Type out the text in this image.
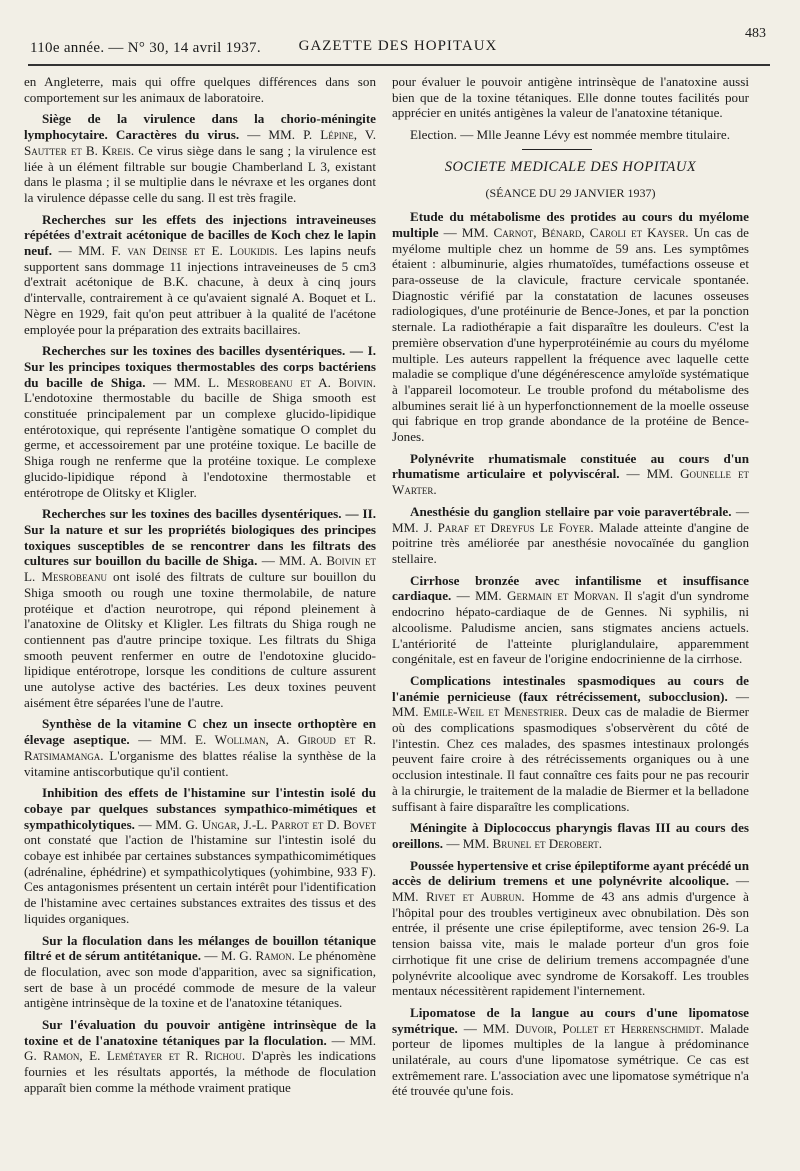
110e année. — N° 30, 14 avril 1937.	GAZETTE DES HOPITAUX
483

en Angleterre, mais qui offre quelques différences dans son comportement sur les animaux de laboratoire.

Siège de la virulence dans la chorio-méningite lymphocytaire. Caractères du virus. — MM. P. Lépine, V. Sautter et B. Kreis. Ce virus siège dans le sang ; la virulence est liée à un élément filtrable sur bougie Chamberland L 3, existant dans le plasma ; il se multiplie dans le névraxe et les organes dont la virulence dépasse celle du sang. Il est très fragile.

Recherches sur les effets des injections intraveineuses répétées d'extrait acétonique de bacilles de Koch chez le lapin neuf. — MM. F. van Deinse et E. Loukidis. Les lapins neufs supportent sans dommage 11 injections intraveineuses de 5 cm3 d'extrait acétonique de B.K. chacune, à deux à cinq jours d'intervalle, contrairement à ce qu'avaient signalé A. Boquet et L. Nègre en 1929, fait qu'on peut attribuer à la qualité de l'acétone employée pour la préparation des extraits bacillaires.

Recherches sur les toxines des bacilles dysentériques. — I. Sur les principes toxiques thermostables des corps bactériens du bacille de Shiga. — MM. L. Mesrobeanu et A. Boivin. L'endotoxine thermostable du bacille de Shiga smooth est constituée principalement par un complexe glucido-lipidique entérotoxique, qui représente l'antigène somatique O complet du germe, et accessoirement par une protéine toxique. Le bacille de Shiga rough ne renferme que la protéine toxique. Le complexe glucido-lipidique répond à l'endotoxine thermostable et entérotrope de Olitsky et Kligler.

Recherches sur les toxines des bacilles dysentériques. — II. Sur la nature et sur les propriétés biologiques des principes toxiques susceptibles de se rencontrer dans les filtrats des cultures sur bouillon du bacille de Shiga. — MM. A. Boivin et L. Mesrobeanu ont isolé des filtrats de culture sur bouillon du Shiga smooth ou rough une toxine thermolabile, de nature protéique et d'action neurotrope, qui répond pleinement à l'anatoxine de Olitsky et Kligler. Les filtrats du Shiga rough ne contiennent pas d'autre principe toxique. Les filtrats du Shiga smooth peuvent renfermer en outre de l'endotoxine glucido-lipidique entérotrope, lorsque les conditions de culture assurent une autolyse active des bactéries. Les deux toxines peuvent aisément être séparées l'une de l'autre.

Synthèse de la vitamine C chez un insecte orthoptère en élevage aseptique. — MM. E. Wollman, A. Giroud et R. Ratsimamanga. L'organisme des blattes réalise la synthèse de la vitamine antiscorbutique qu'il contient.

Inhibition des effets de l'histamine sur l'intestin isolé du cobaye par quelques substances sympathico-mimétiques et sympathicolytiques. — MM. G. Ungar, J.-L. Parrot et D. Bovet ont constaté que l'action de l'histamine sur l'intestin isolé du cobaye est inhibée par certaines substances sympathicomimétiques (adrénaline, éphédrine) et sympathicolytiques (yohimbine, 933 F). Ces antagonismes présentent un certain intérêt pour l'identification de l'histamine avec certaines substances extraites des tissus et des liquides organiques.

Sur la floculation dans les mélanges de bouillon tétanique filtré et de sérum antitétanique. — M. G. Ramon. Le phénomène de floculation, avec son mode d'apparition, avec sa signification, sert de base à un procédé commode de mesure de la valeur antigène intrinsèque de la toxine et de l'anatoxine tétaniques.

Sur l'évaluation du pouvoir antigène intrinsèque de la toxine et de l'anatoxine tétaniques par la floculation. — MM. G. Ramon, E. Lemétayer et R. Richou. D'après les indications fournies et les résultats apportés, la méthode de floculation apparaît bien comme la méthode vraiment pratique

pour évaluer le pouvoir antigène intrinsèque de l'anatoxine aussi bien que de la toxine tétaniques. Elle donne toutes facilités pour apprécier en unités antigènes la valeur de l'anatoxine tétanique.

Election. — Mlle Jeanne Lévy est nommée membre titulaire.

SOCIETE MEDICALE DES HOPITAUX
(SÉANCE DU 29 JANVIER 1937)

Etude du métabolisme des protides au cours du myélome multiple — MM. Carnot, Bénard, Caroli et Kayser. Un cas de myélome multiple chez un homme de 59 ans. Les symptômes étaient : albuminurie, algies rhumatoïdes, tuméfactions osseuse et para-osseuse de la clavicule, fracture cervicale spontanée. Diagnostic vérifié par la constatation de lacunes osseuses radiologiques, d'une protéinurie de Bence-Jones, et par la ponction sternale. La radiothérapie a fait disparaître les douleurs. C'est la première observation d'une hyperprotéinémie au cours du myélome multiple. Les auteurs rappellent la fréquence avec laquelle cette maladie se complique d'une dégénérescence amyloïde systématique à l'appareil locomoteur. Le trouble profond du métabolisme des albumines serait lié à un hyperfonctionnement de la moelle osseuse qui fabrique en trop grande abondance de la protéine de Bence-Jones.

Polynévrite rhumatismale constituée au cours d'un rhumatisme articulaire et polyviscéral. — MM. Gounelle et Warter.

Anesthésie du ganglion stellaire par voie paravertébrale. — MM. J. Paraf et Dreyfus Le Foyer. Malade atteinte d'angine de poitrine très améliorée par anesthésie novocaïnée du ganglion stellaire.

Cirrhose bronzée avec infantilisme et insuffisance cardiaque. — MM. Germain et Morvan. Il s'agit d'un syndrome endocrino hépato-cardiaque de de Gennes. Ni syphilis, ni alcoolisme. Paludisme ancien, sans stigmates anciens actuels. L'antériorité de l'atteinte pluriglandulaire, apparemment congénitale, est en faveur de l'origine endocrinienne de la cirrhose.

Complications intestinales spasmodiques au cours de l'anémie pernicieuse (faux rétrécissement, subocclusion). — MM. Emile-Weil et Menestrier. Deux cas de maladie de Biermer où des complications spasmodiques s'observèrent du côté de l'intestin. Chez ces malades, des spasmes intestinaux prolongés peuvent faire croire à des rétrécissements organiques ou à une occlusion intestinale. Il faut connaître ces faits pour ne pas recourir à la chirurgie, le traitement de la maladie de Biermer et la belladone suffisant à faire disparaître les complications.

Méningite à Diplococcus pharyngis flavas III au cours des oreillons. — MM. Brunel et Derobert.

Poussée hypertensive et crise épileptiforme ayant précédé un accès de delirium tremens et une polynévrite alcoolique. — MM. Rivet et Aubrun. Homme de 43 ans admis d'urgence à l'hôpital pour des troubles vertigineux avec obnubilation. Dès son entrée, il présente une crise épileptiforme, avec tension 26-9. La tension baissa vite, mais le malade porteur d'un gros foie cirrhotique fit une crise de delirium tremens accompagnée d'une polynévrite alcoolique avec syndrome de Korsakoff. Les troubles mentaux nécessitèrent rapidement l'internement.

Lipomatose de la langue au cours d'une lipomatose symétrique. — MM. Duvoir, Pollet et Herrenschmidt. Malade porteur de lipomes multiples de la langue à prédominance unilatérale, au cours d'une lipomatose symétrique. Ce cas est extrêmement rare. L'association avec une lipomatose symétrique n'a été trouvée qu'une fois.
